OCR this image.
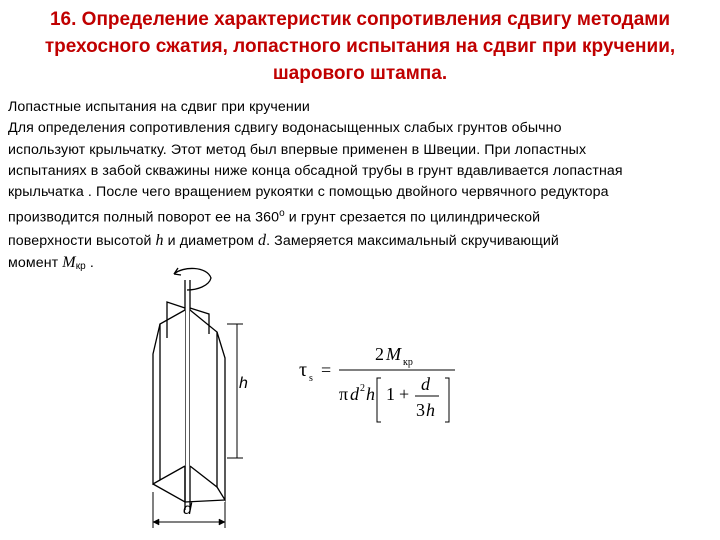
16. Определение характеристик сопротивления сдвигу методами
трехосного сжатия, лопастного испытания на сдвиг при кручении,
шарового штампа.

Лопастные испытания на сдвиг при кручении

Для определения сопротивления сдвигу водонасыщенных слабых грунтов обычно

используют крыльчатку. Этот метод был впервые применен в Швеции. При лопастных

испытаниях в забой скважины ниже конца обсадной трубы в грунт вдавливается лопастная

крыльчатка . После чего вращением рукоятки с помощью двойного червячного редуктора

производится полный поворот ее на $360^о$ и грунт срезается по цилиндрической

поверхности высотой h и диаметром d. Замеряется максимальный скручивающий

момент $M_{кр}$ .

h
d
τ s =
2 M кр
π d 2 h 1 + d
3 h
